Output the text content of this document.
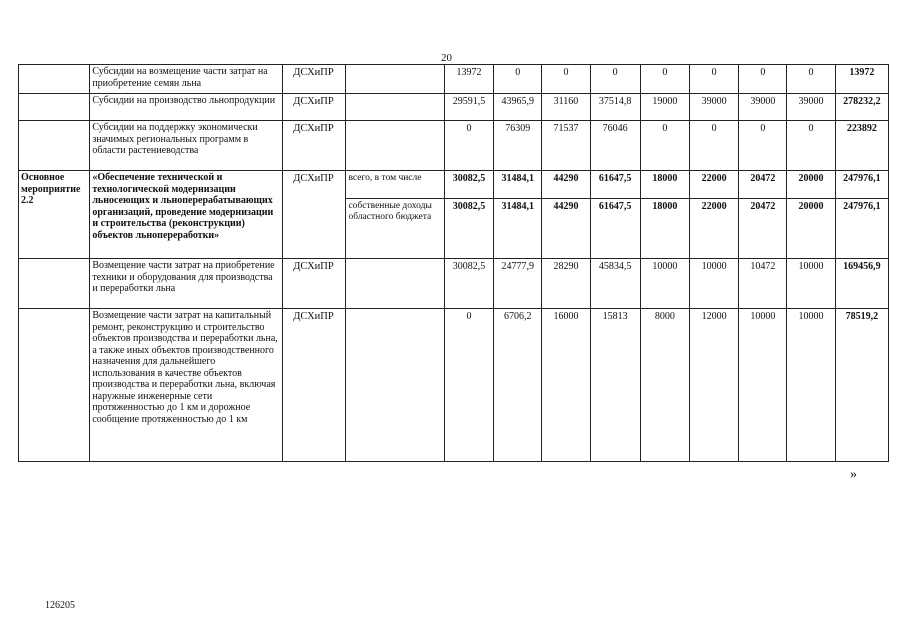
20
	Субсидии на возмещение части затрат на приобретение семян льна	ДСХиПР		13972	0	0	0	0	0	0	0	13972
	Субсидии на производство льнопродукции	ДСХиПР		29591,5	43965,9	31160	37514,8	19000	39000	39000	39000	278232,2
	Субсидии на поддержку экономически значимых региональных программ в области растениеводства	ДСХиПР		0	76309	71537	76046	0	0	0	0	223892
Основное мероприятие 2.2	«Обеспечение технической и технологической модернизации льносеющих и льноперерабатывающих организаций, проведение модернизации и строительства (реконструкции) объектов льнопереработки»	ДСХиПР	всего, в том числе	30082,5	31484,1	44290	61647,5	18000	22000	20472	20000	247976,1
			собственные доходы областного бюджета	30082,5	31484,1	44290	61647,5	18000	22000	20472	20000	247976,1
	Возмещение части затрат на приобретение техники и оборудования для производства и переработки льна	ДСХиПР		30082,5	24777,9	28290	45834,5	10000	10000	10472	10000	169456,9
	Возмещение части затрат на капитальный ремонт, реконструкцию и строительство объектов производства и переработки льна, а также иных объектов производственного назначения для дальнейшего использования в качестве объектов производства и переработки льна, включая наружные инженерные сети протяженностью до 1 км и дорожное сообщение протяженностью до 1 км	ДСХиПР		0	6706,2	16000	15813	8000	12000	10000	10000	78519,2
»
126205
